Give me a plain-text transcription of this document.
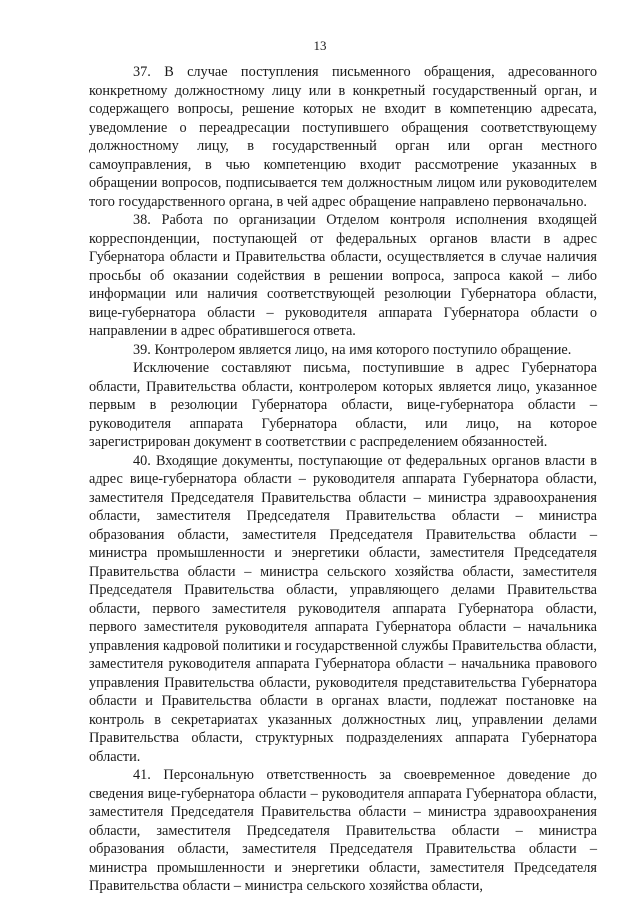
13

37. В случае поступления письменного обращения, адресованного конкретному должностному лицу или в конкретный государственный орган, и содержащего вопросы, решение которых не входит в компетенцию адресата, уведомление о переадресации поступившего обращения соответствующему должностному лицу, в государственный орган или орган местного самоуправления, в чью компетенцию входит рассмотрение указанных в обращении вопросов, подписывается тем должностным лицом или руководителем того государственного органа, в чей адрес обращение направлено первоначально.

38. Работа по организации Отделом контроля исполнения входящей корреспонденции, поступающей от федеральных органов власти в адрес Губернатора области и Правительства области, осуществляется в случае наличия просьбы об оказании содействия в решении вопроса, запроса какой – либо информации или наличия соответствующей резолюции Губернатора области, вице-губернатора области – руководителя аппарата Губернатора области о направлении в адрес обратившегося ответа.

39. Контролером является лицо, на имя которого поступило обращение.

Исключение составляют письма, поступившие в адрес Губернатора области, Правительства области, контролером которых является лицо, указанное первым в резолюции Губернатора области, вице-губернатора области – руководителя аппарата Губернатора области, или лицо, на которое зарегистрирован документ в соответствии с распределением обязанностей.

40. Входящие документы, поступающие от федеральных органов власти в адрес вице-губернатора области – руководителя аппарата Губернатора области, заместителя Председателя Правительства области – министра здравоохранения области, заместителя Председателя Правительства области – министра образования области, заместителя Председателя Правительства области – министра промышленности и энергетики области, заместителя Председателя Правительства области – министра сельского хозяйства области, заместителя Председателя Правительства области, управляющего делами Правительства области, первого заместителя руководителя аппарата Губернатора области, первого заместителя руководителя аппарата Губернатора области – начальника управления кадровой политики и государственной службы Правительства области, заместителя руководителя аппарата Губернатора области – начальника правового управления Правительства области, руководителя представительства Губернатора области и Правительства области в органах власти, подлежат постановке на контроль в секретариатах указанных должностных лиц, управлении делами Правительства области, структурных подразделениях аппарата Губернатора области.

41. Персональную ответственность за своевременное доведение до сведения вице-губернатора области – руководителя аппарата Губернатора области, заместителя Председателя Правительства области – министра здравоохранения области, заместителя Председателя Правительства области – министра образования области, заместителя Председателя Правительства области – министра промышленности и энергетики области, заместителя Председателя Правительства области – министра сельского хозяйства области,
